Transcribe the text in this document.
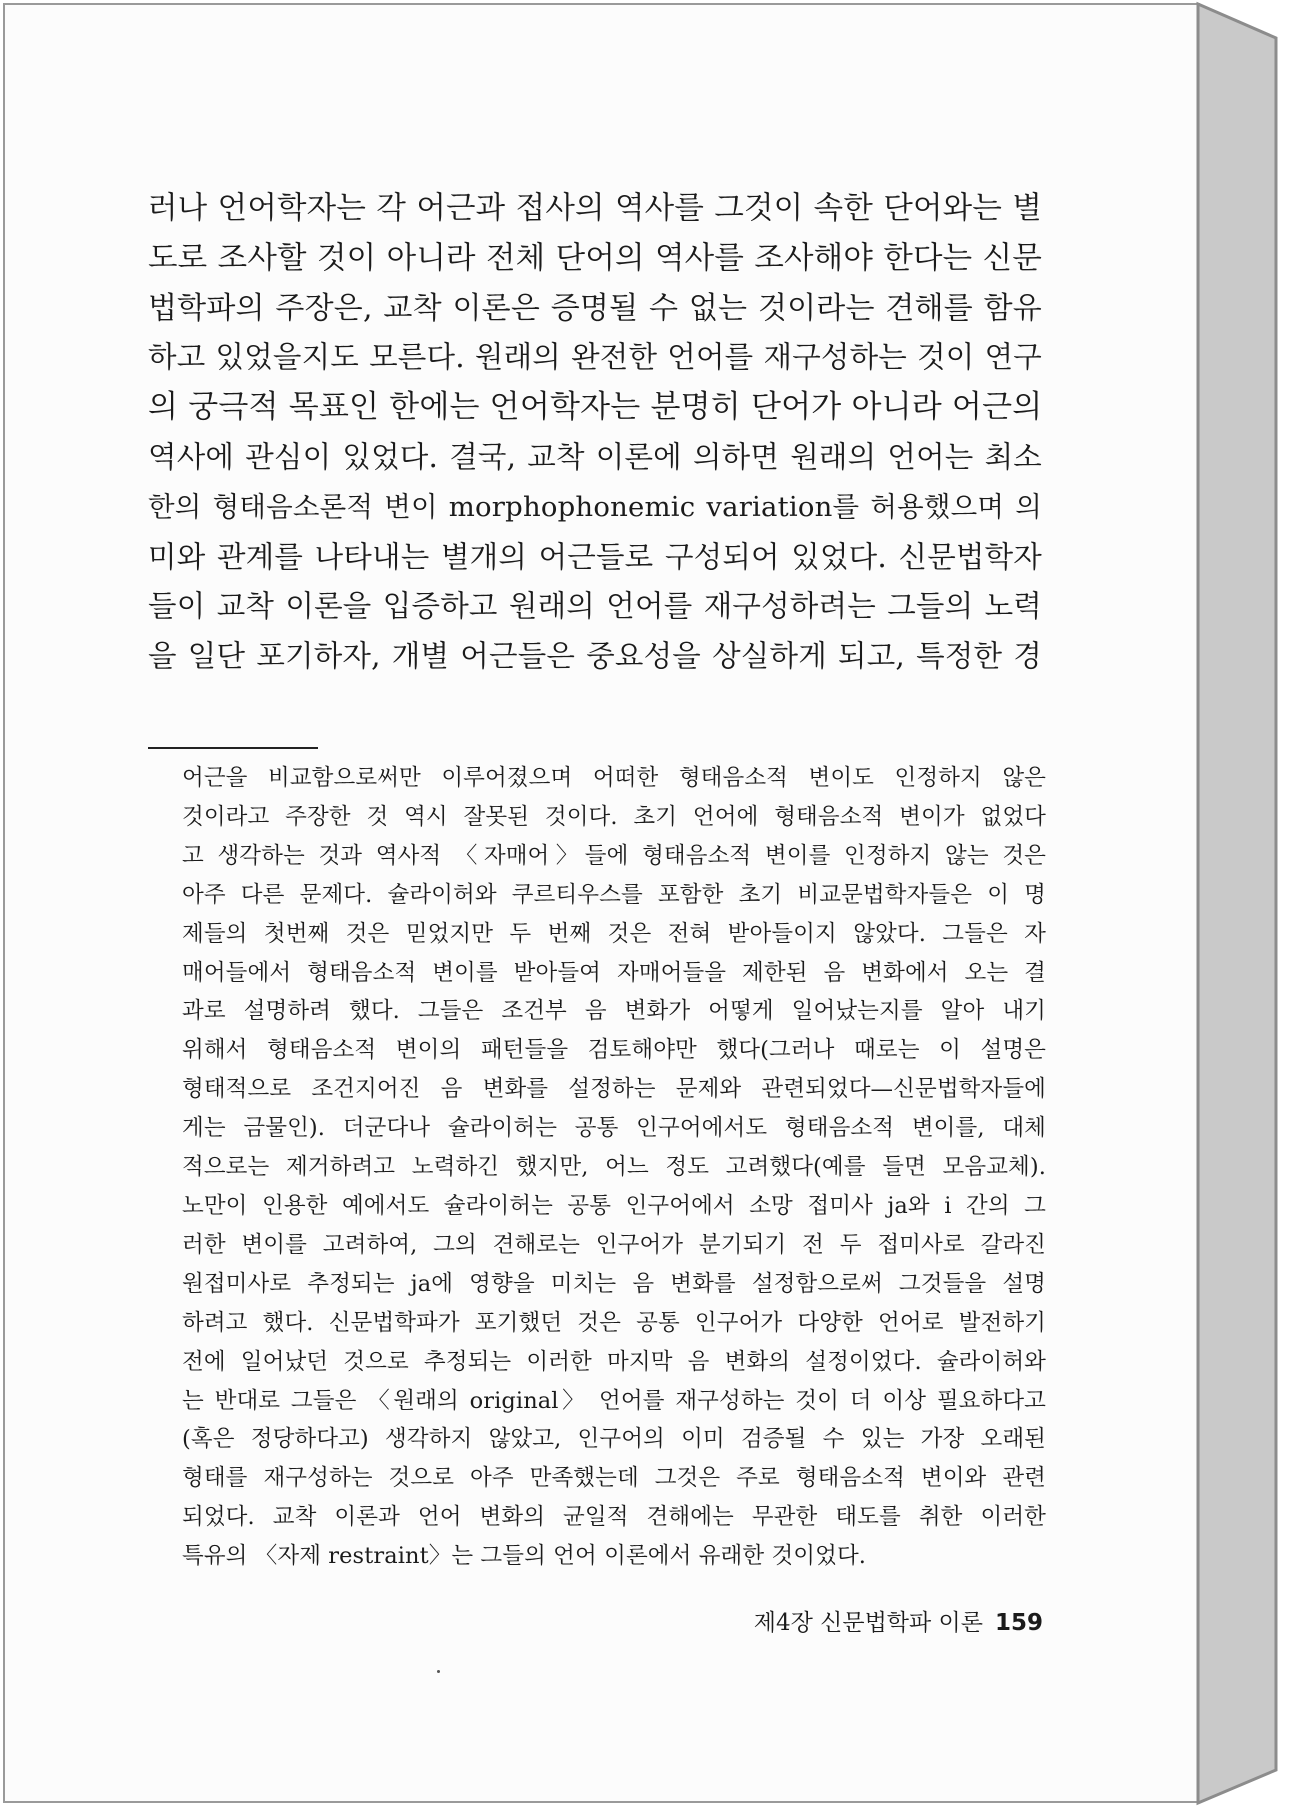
러나 언어학자는 각 어근과 접사의 역사를 그것이 속한 단어와는 별
도로 조사할 것이 아니라 전체 단어의 역사를 조사해야 한다는 신문
법학파의 주장은, 교착 이론은 증명될 수 없는 것이라는 견해를 함유
하고 있었을지도 모른다. 원래의 완전한 언어를 재구성하는 것이 연구
의 궁극적 목표인 한에는 언어학자는 분명히 단어가 아니라 어근의
역사에 관심이 있었다. 결국, 교착 이론에 의하면 원래의 언어는 최소
한의 형태음소론적 변이 morphophonemic variation를 허용했으며 의
미와 관계를 나타내는 별개의 어근들로 구성되어 있었다. 신문법학자
들이 교착 이론을 입증하고 원래의 언어를 재구성하려는 그들의 노력
을 일단 포기하자, 개별 어근들은 중요성을 상실하게 되고, 특정한 경
어근을 비교함으로써만 이루어졌으며 어떠한 형태음소적 변이도 인정하지 않은
것이라고 주장한 것 역시 잘못된 것이다. 초기 언어에 형태음소적 변이가 없었다
고 생각하는 것과 역사적 〈자매어〉들에 형태음소적 변이를 인정하지 않는 것은
아주 다른 문제다. 슐라이허와 쿠르티우스를 포함한 초기 비교문법학자들은 이 명
제들의 첫번째 것은 믿었지만 두 번째 것은 전혀 받아들이지 않았다. 그들은 자
매어들에서 형태음소적 변이를 받아들여 자매어들을 제한된 음 변화에서 오는 결
과로 설명하려 했다. 그들은 조건부 음 변화가 어떻게 일어났는지를 알아 내기
위해서 형태음소적 변이의 패턴들을 검토해야만 했다(그러나 때로는 이 설명은
형태적으로 조건지어진 음 변화를 설정하는 문제와 관련되었다—신문법학자들에
게는 금물인). 더군다나 슐라이허는 공통 인구어에서도 형태음소적 변이를, 대체
적으로는 제거하려고 노력하긴 했지만, 어느 정도 고려했다(예를 들면 모음교체).
노만이 인용한 예에서도 슐라이허는 공통 인구어에서 소망 접미사 ja와 i 간의 그
러한 변이를 고려하여, 그의 견해로는 인구어가 분기되기 전 두 접미사로 갈라진
원접미사로 추정되는 ja에 영향을 미치는 음 변화를 설정함으로써 그것들을 설명
하려고 했다. 신문법학파가 포기했던 것은 공통 인구어가 다양한 언어로 발전하기
전에 일어났던 것으로 추정되는 이러한 마지막 음 변화의 설정이었다. 슐라이허와
는 반대로 그들은 〈원래의 original〉 언어를 재구성하는 것이 더 이상 필요하다고
(혹은 정당하다고) 생각하지 않았고, 인구어의 이미 검증될 수 있는 가장 오래된
형태를 재구성하는 것으로 아주 만족했는데 그것은 주로 형태음소적 변이와 관련
되었다. 교착 이론과 언어 변화의 균일적 견해에는 무관한 태도를 취한 이러한
특유의 〈자제 restraint〉는 그들의 언어 이론에서 유래한 것이었다.
제4장 신문법학파 이론 159
